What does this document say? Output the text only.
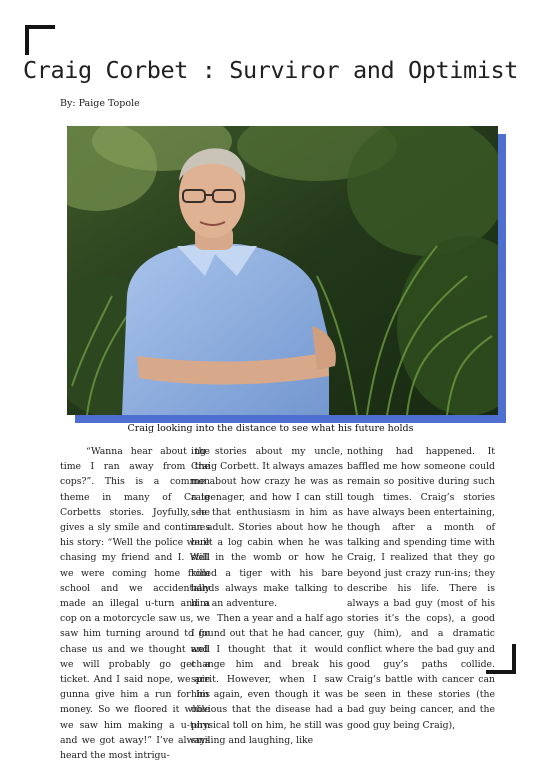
Craig Corbet : Surviror and Optimist
By: Paige Topole
Craig looking into the distance to see what his future holds

“Wanna hear about the time I ran away from the cops?”. This is a common theme in many of Craig Corbetts stories. Joyfully, he gives a sly smile and continues his story: “Well the police were chasing my friend and I. Well we were coming home from school and we accidentally made an illegal u-turn and a cop on a motorcycle saw us, we saw him turning around to go chase us and we thought well we will probably go get a ticket. And I said nope, we are gunna give him a run for his money. So we floored it while we saw him making a u-turn and we got away!” I’ve always heard the most intrigu-

ing stories about my uncle, Craig Corbett. It always amazes me about how crazy he was as a teenager, and how I can still see that enthusiasm in him as an adult. Stories about how he built a log cabin when he was still in the womb or how he killed a tiger with his bare hands always make talking to him an adventure.

Then a year and a half ago I found out that he had cancer, and I thought that it would change him and break his spirit. However, when I saw him again, even though it was obvious that the disease had a physical toll on him, he still was smiling and laughing, like

nothing had happened. It baffled me how someone could remain so positive during such tough times. Craig’s stories have always been entertaining, though after a month of talking and spending time with Craig, I realized that they go beyond just crazy run-ins; they describe his life. There is always a bad guy (most of his stories it’s the cops), a good guy (him), and a dramatic conflict where the bad guy and good guy’s paths collide. Craig’s battle with cancer can be seen in these stories (the bad guy being cancer, and the good guy being Craig),
